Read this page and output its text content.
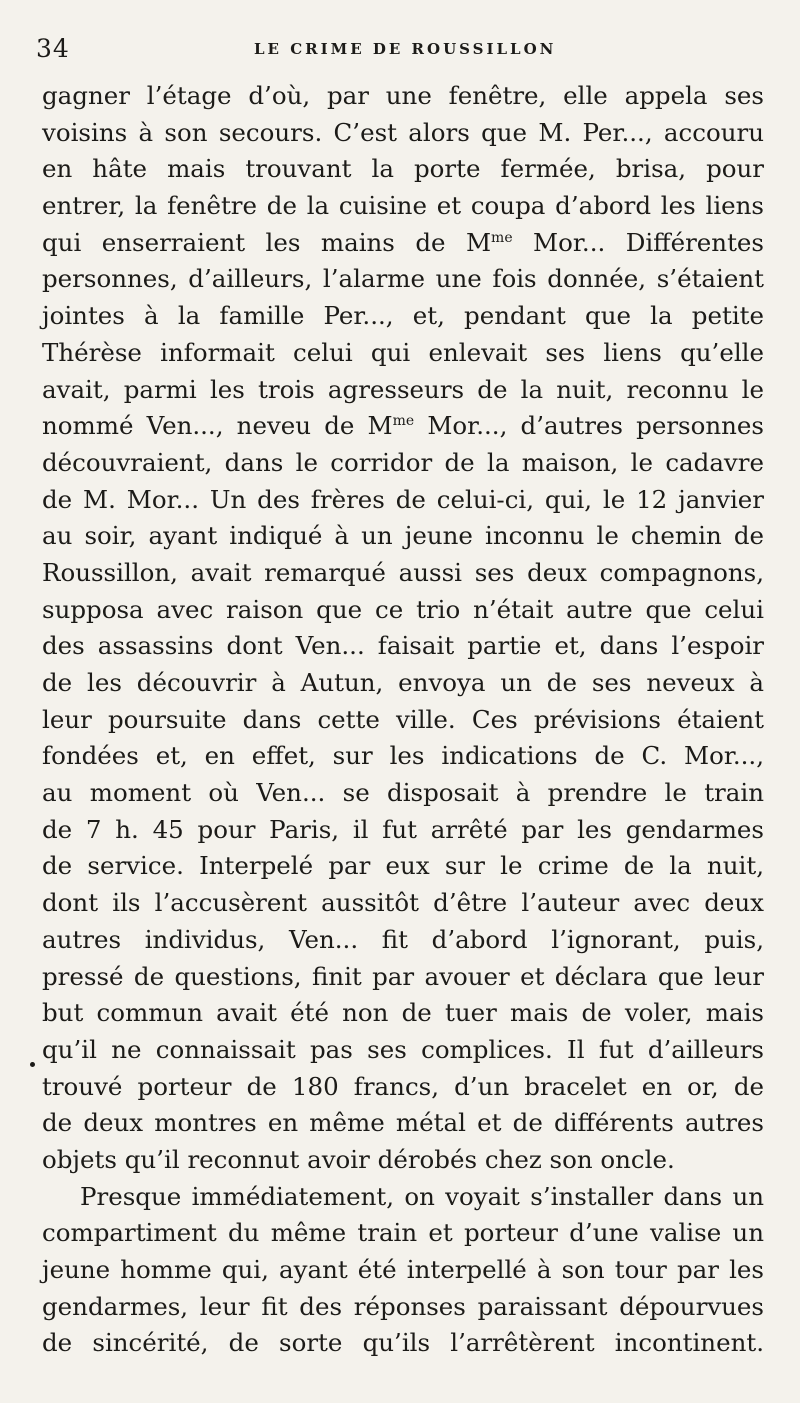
34	LE CRIME DE ROUSSILLON
gagner l’étage d’où, par une fenêtre, elle appela ses
voisins à son secours. C’est alors que M. Per..., accouru
en hâte mais trouvant la porte fermée, brisa, pour
entrer, la fenêtre de la cuisine et coupa d’abord les liens
qui enserraient les mains de $M^{me}$ Mor... Différentes
personnes, d’ailleurs, l’alarme une fois donnée, s’étaient
jointes à la famille Per..., et, pendant que la petite
Thérèse informait celui qui enlevait ses liens qu’elle
avait, parmi les trois agresseurs de la nuit, reconnu le
nommé Ven..., neveu de $M^{me}$ Mor..., d’autres personnes
découvraient, dans le corridor de la maison, le cadavre
de M. Mor... Un des frères de celui-ci, qui, le 12 janvier
au soir, ayant indiqué à un jeune inconnu le chemin de
Roussillon, avait remarqué aussi ses deux compagnons,
supposa avec raison que ce trio n’était autre que celui
des assassins dont Ven... faisait partie et, dans l’espoir
de les découvrir à Autun, envoya un de ses neveux à
leur poursuite dans cette ville. Ces prévisions étaient
fondées et, en effet, sur les indications de C. Mor...,
au moment où Ven... se disposait à prendre le train
de 7 h. 45 pour Paris, il fut arrêté par les gendarmes
de service. Interpelé par eux sur le crime de la nuit,
dont ils l’accusèrent aussitôt d’être l’auteur avec deux
autres individus, Ven... fit d’abord l’ignorant, puis,
pressé de questions, finit par avouer et déclara que leur
but commun avait été non de tuer mais de voler, mais
qu’il ne connaissait pas ses complices. Il fut d’ailleurs
trouvé porteur de 180 francs, d’un bracelet en or, de
de deux montres en même métal et de différents autres
objets qu’il reconnut avoir dérobés chez son oncle.
Presque immédiatement, on voyait s’installer dans un
compartiment du même train et porteur d’une valise un
jeune homme qui, ayant été interpellé à son tour par les
gendarmes, leur fit des réponses paraissant dépourvues
de sincérité, de sorte qu’ils l’arrêtèrent incontinent.
